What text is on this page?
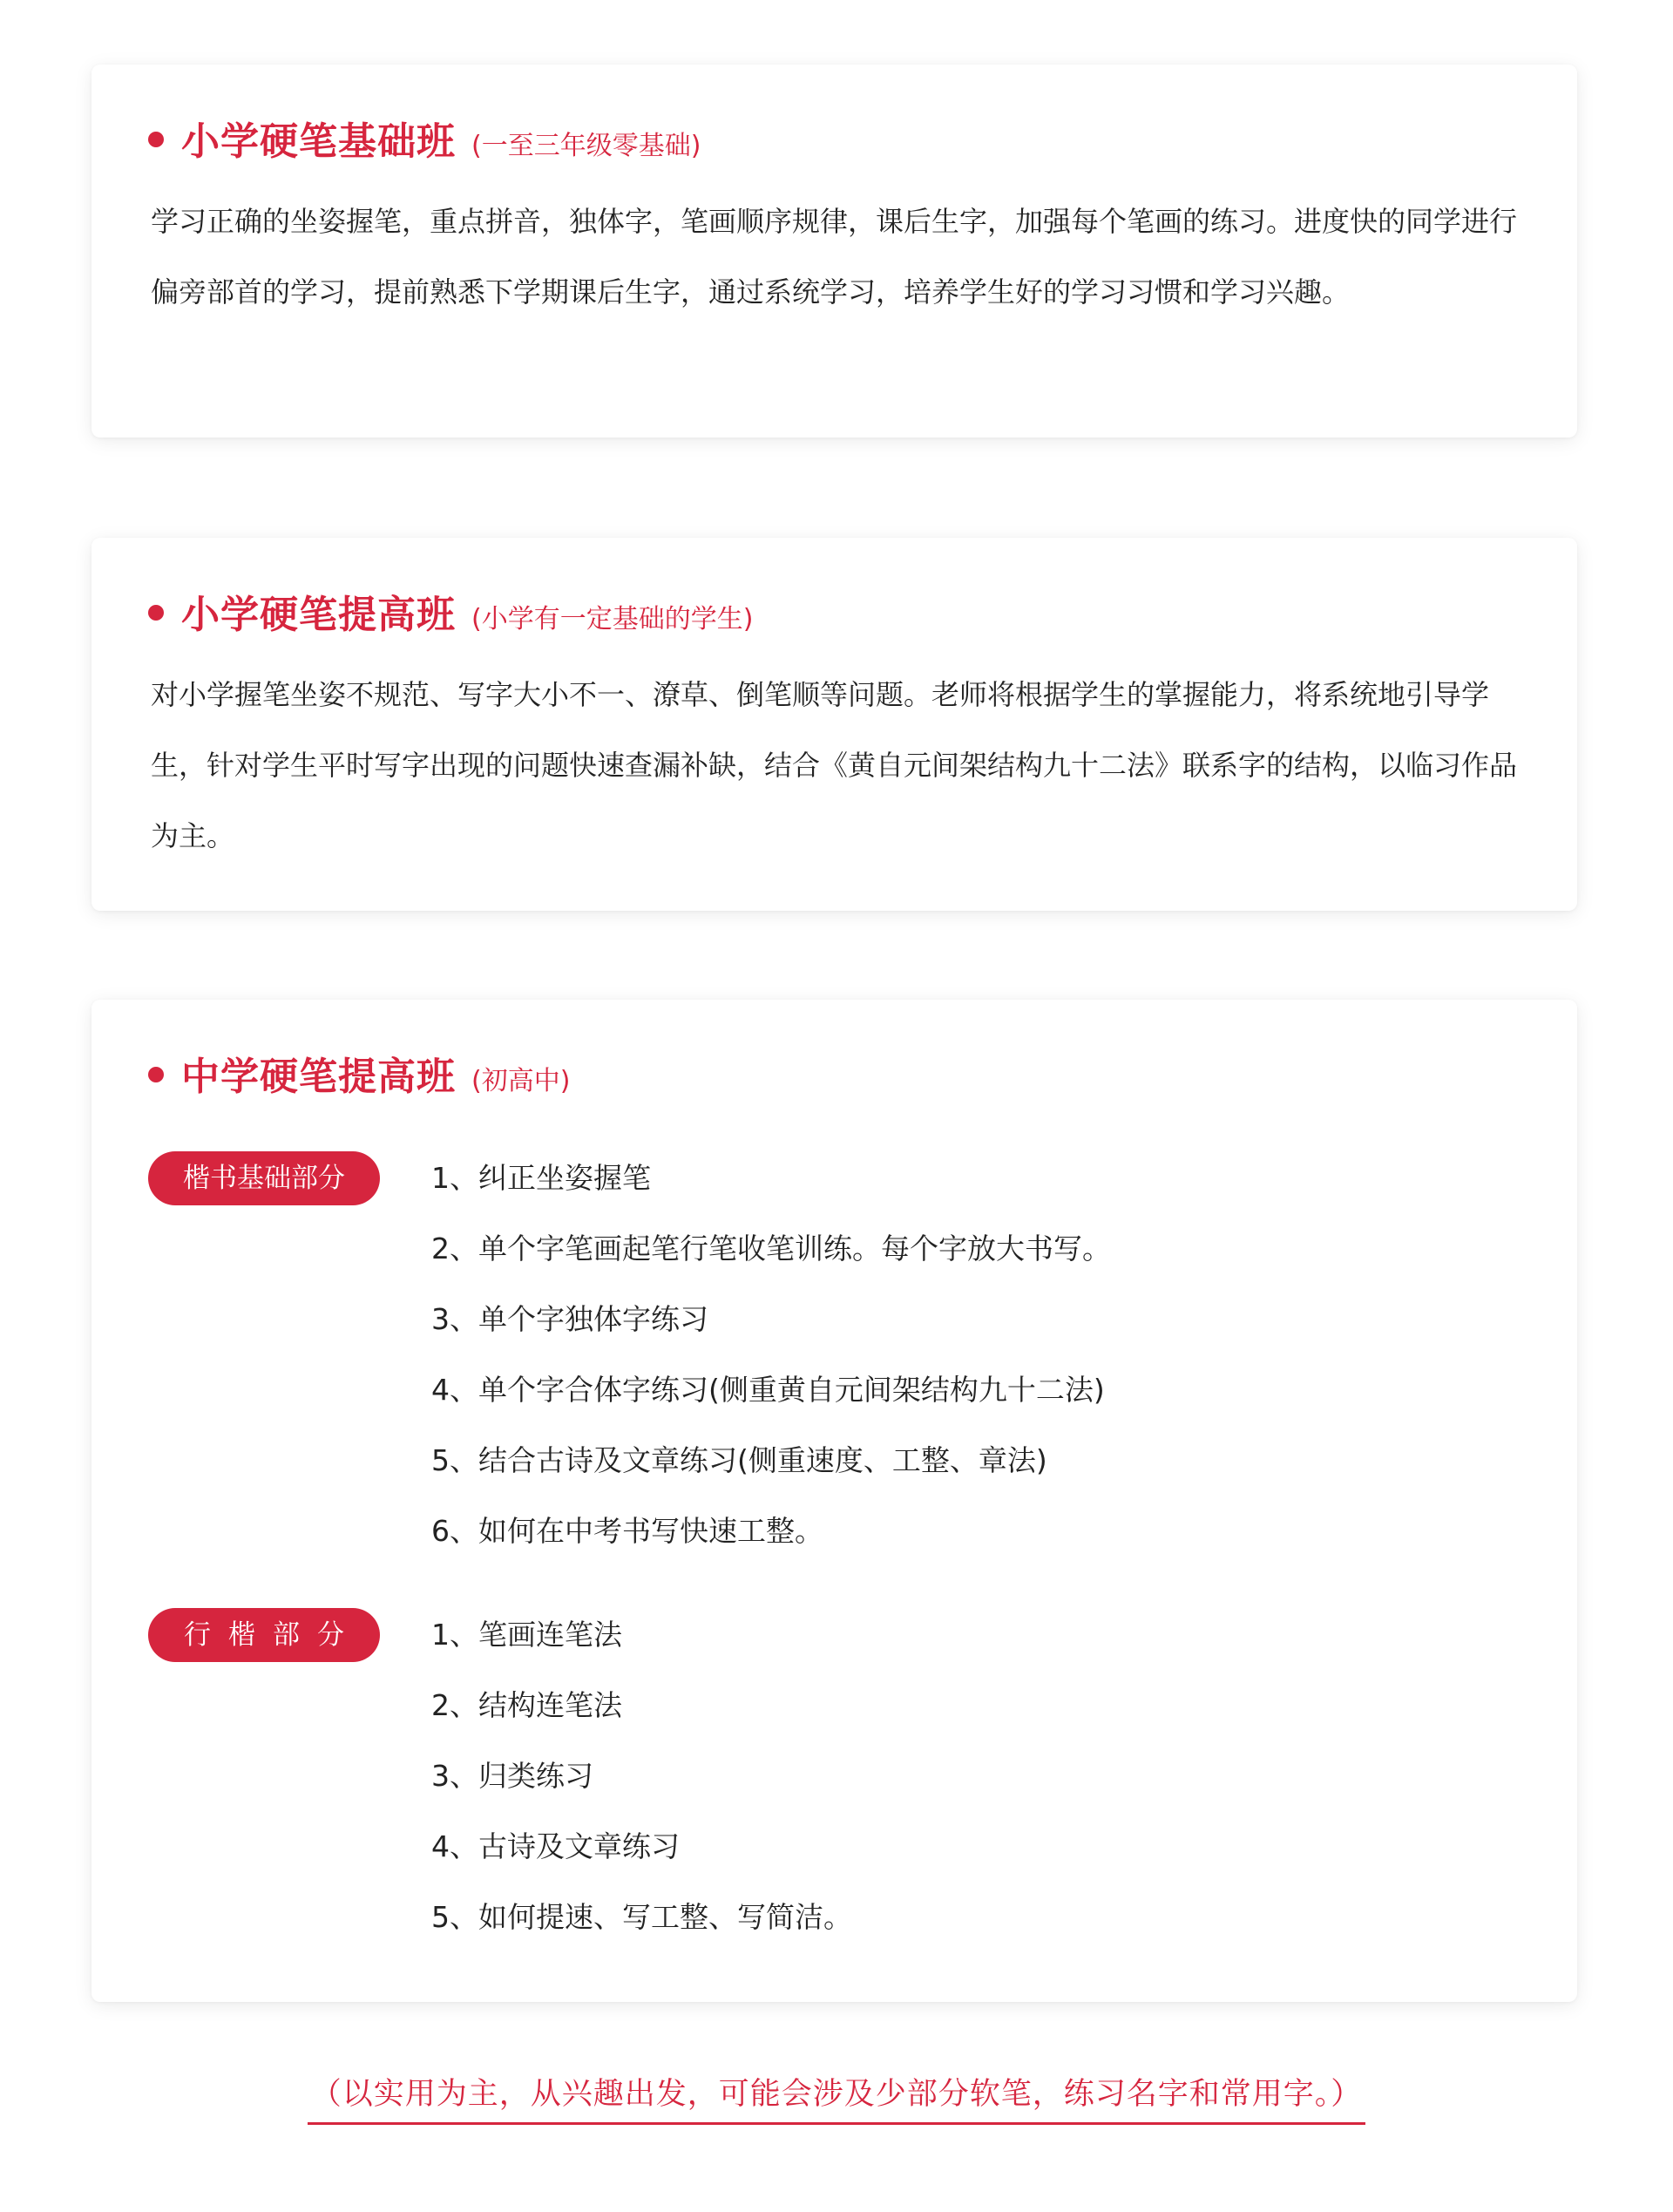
小学硬笔基础班 (一至三年级零基础)

学习正确的坐姿握笔，重点拼音，独体字，笔画顺序规律，课后生字，加强每个笔画的练习。进度快的同学进行偏旁部首的学习，提前熟悉下学期课后生字，通过系统学习，培养学生好的学习习惯和学习兴趣。

小学硬笔提高班 (小学有一定基础的学生)

对小学握笔坐姿不规范、写字大小不一、潦草、倒笔顺等问题。老师将根据学生的掌握能力，将系统地引导学生，针对学生平时写字出现的问题快速查漏补缺，结合《黄自元间架结构九十二法》联系字的结构，以临习作品为主。

中学硬笔提高班 (初高中)
楷书基础部分	1、纠正坐姿握笔
2、单个字笔画起笔行笔收笔训练。每个字放大书写。
3、单个字独体字练习
4、单个字合体字练习(侧重黄自元间架结构九十二法)
5、结合古诗及文章练习(侧重速度、工整、章法)
6、如何在中考书写快速工整。
行楷部分	1、笔画连笔法
2、结构连笔法
3、归类练习
4、古诗及文章练习
5、如何提速、写工整、写简洁。
（以实用为主，从兴趣出发，可能会涉及少部分软笔，练习名字和常用字。）
